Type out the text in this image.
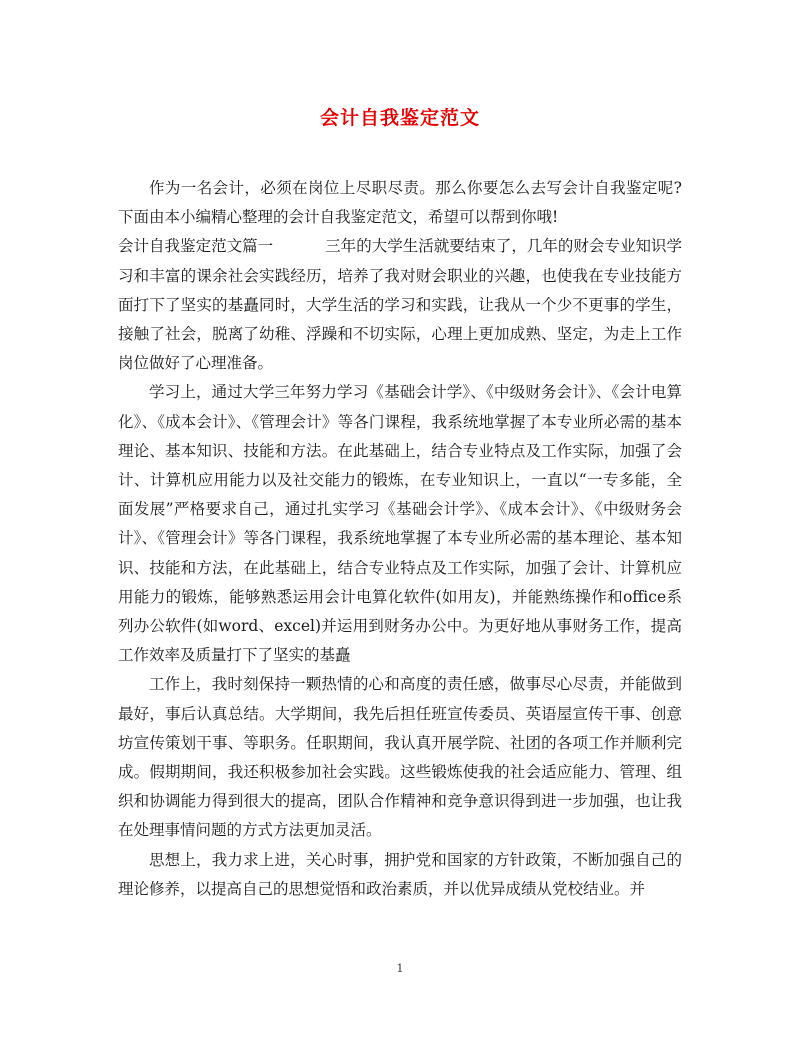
会计自我鉴定范文

作为一名会计，必须在岗位上尽职尽责。那么你要怎么去写会计自我鉴定呢?下面由本小编精心整理的会计自我鉴定范文，希望可以帮到你哦!

会计自我鉴定范文篇一	三年的大学生活就要结束了，几年的财会专业知识学习和丰富的课余社会实践经历，培养了我对财会职业的兴趣，也使我在专业技能方面打下了坚实的基矗同时，大学生活的学习和实践，让我从一个少不更事的学生，接触了社会，脱离了幼稚、浮躁和不切实际，心理上更加成熟、坚定，为走上工作岗位做好了心理准备。

学习上，通过大学三年努力学习《基础会计学》、《中级财务会计》、《会计电算化》、《成本会计》、《管理会计》等各门课程，我系统地掌握了本专业所必需的基本理论、基本知识、技能和方法。在此基础上，结合专业特点及工作实际，加强了会计、计算机应用能力以及社交能力的锻炼，在专业知识上，一直以“一专多能，全面发展”严格要求自己，通过扎实学习《基础会计学》、《成本会计》、《中级财务会计》、《管理会计》等各门课程，我系统地掌握了本专业所必需的基本理论、基本知识、技能和方法，在此基础上，结合专业特点及工作实际，加强了会计、计算机应用能力的锻炼，能够熟悉运用会计电算化软件(如用友)，并能熟练操作和office系列办公软件(如word、excel)并运用到财务办公中。为更好地从事财务工作，提高工作效率及质量打下了坚实的基矗

工作上，我时刻保持一颗热情的心和高度的责任感，做事尽心尽责，并能做到最好，事后认真总结。大学期间，我先后担任班宣传委员、英语屋宣传干事、创意坊宣传策划干事、等职务。任职期间，我认真开展学院、社团的各项工作并顺利完成。假期期间，我还积极参加社会实践。这些锻炼使我的社会适应能力、管理、组织和协调能力得到很大的提高，团队合作精神和竞争意识得到进一步加强，也让我在处理事情问题的方式方法更加灵活。

思想上，我力求上进，关心时事，拥护党和国家的方针政策，不断加强自己的理论修养，以提高自己的思想觉悟和政治素质，并以优异成绩从党校结业。并

1
